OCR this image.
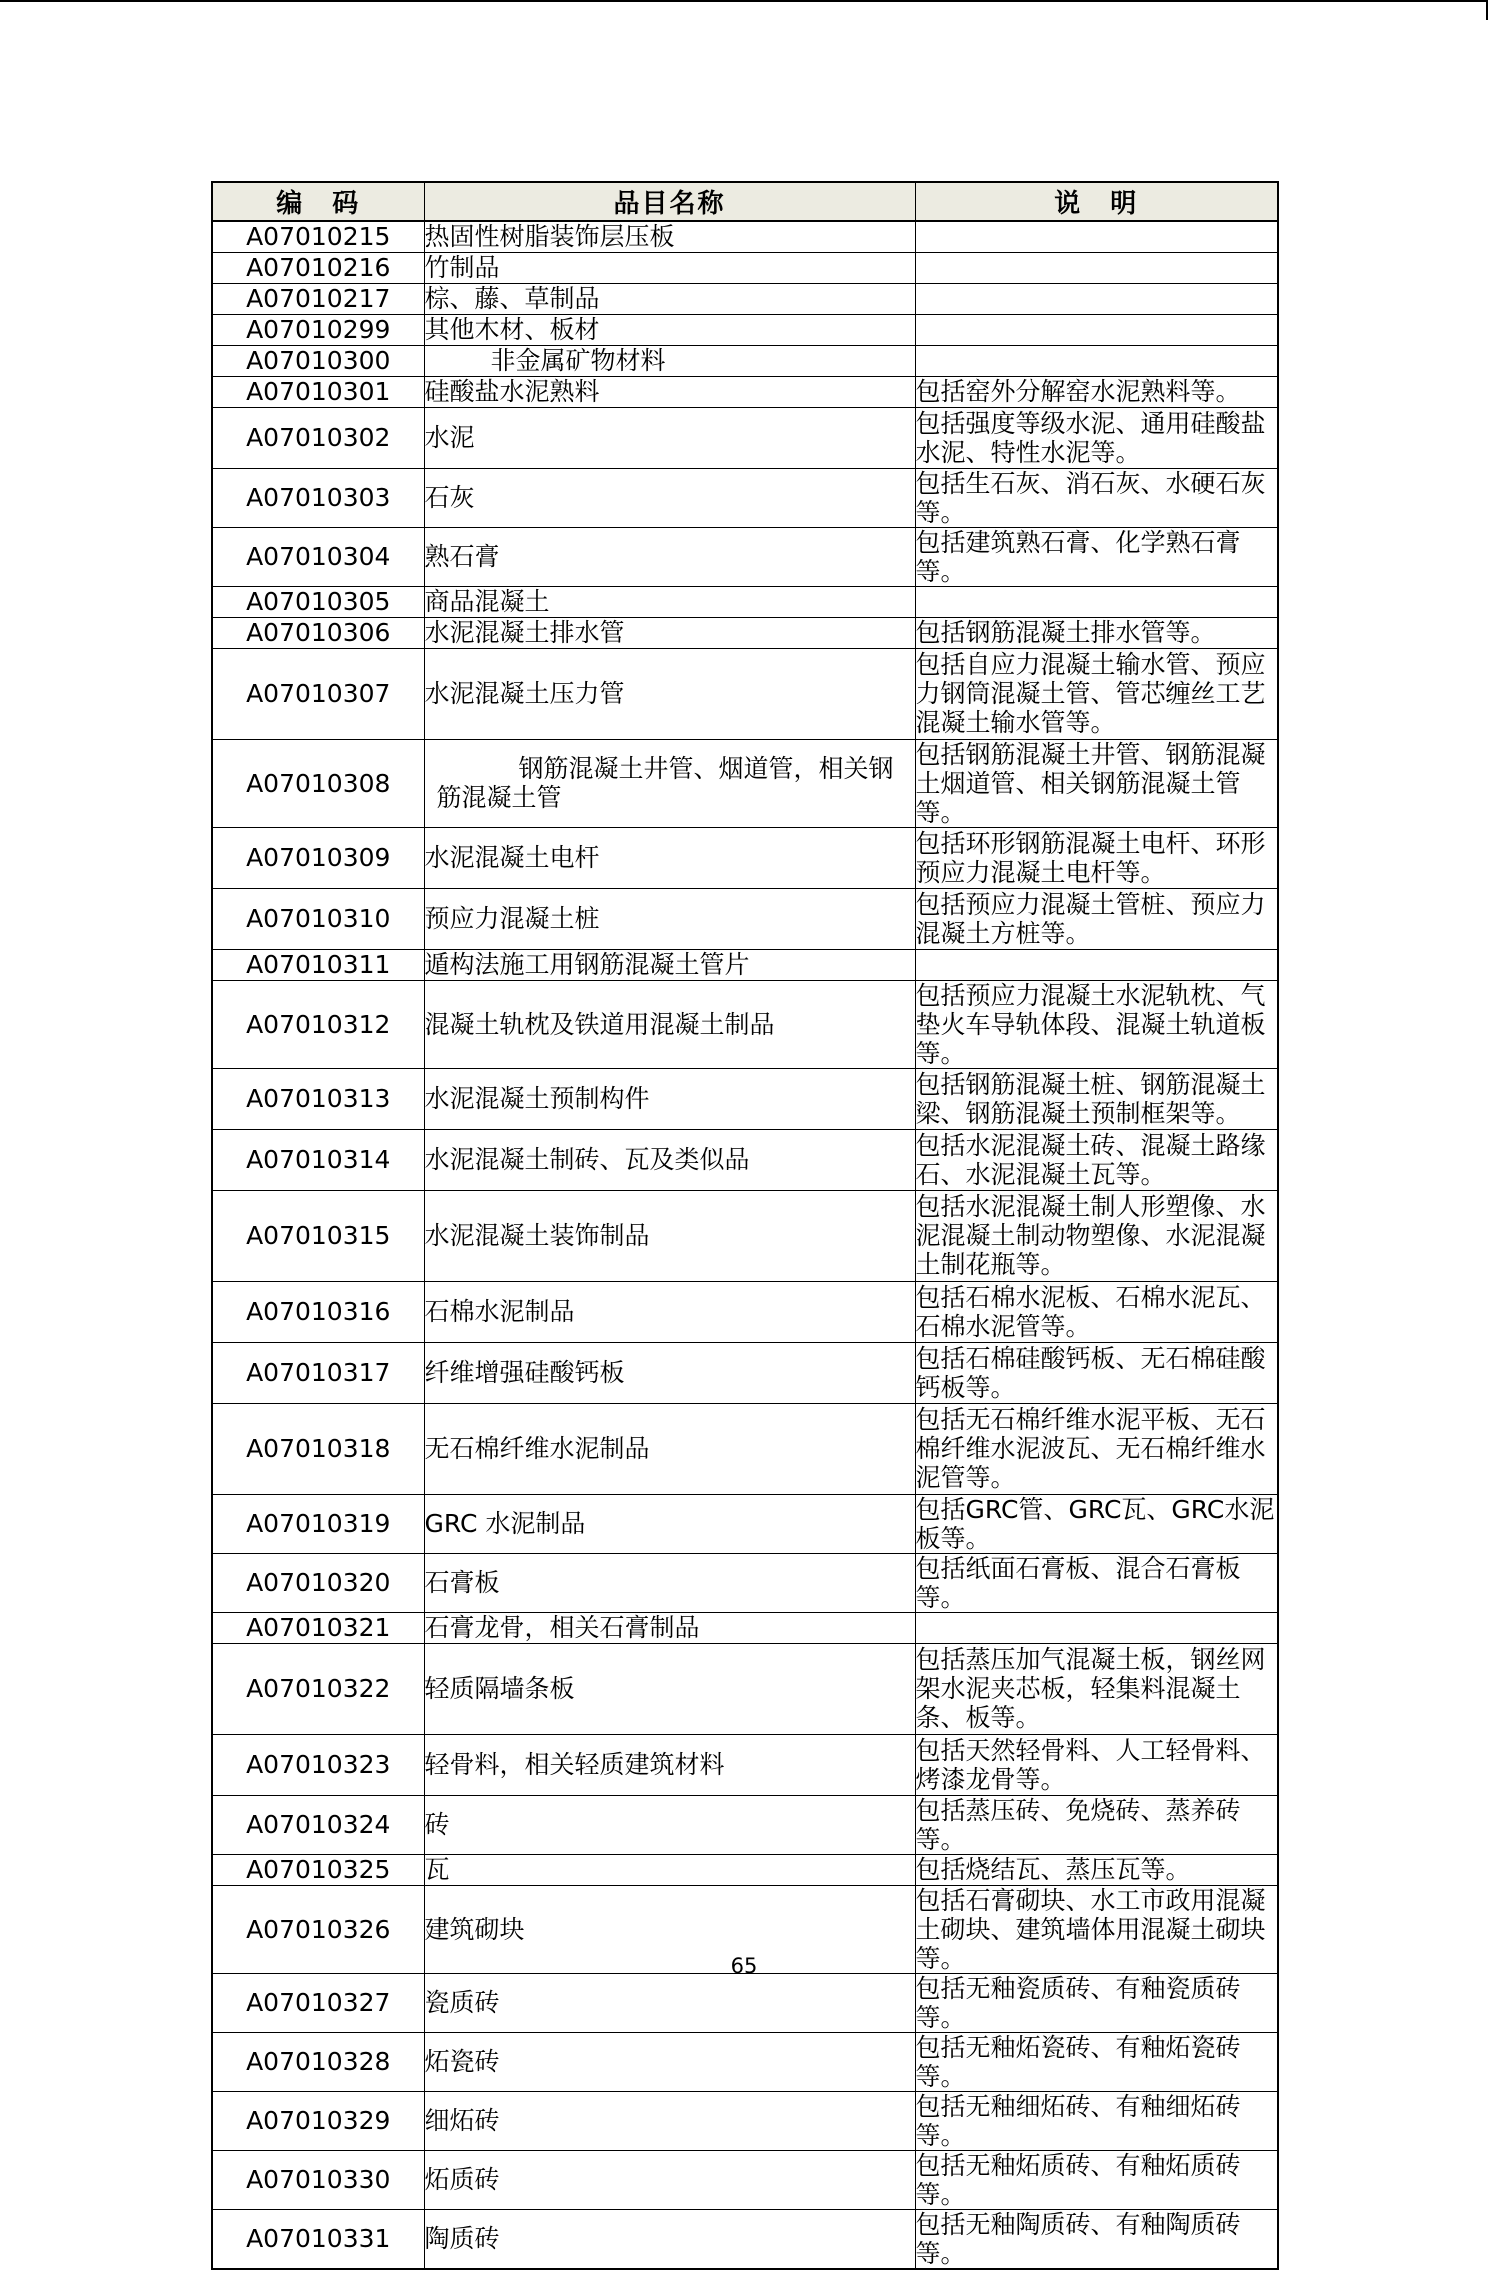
编　码	品目名称	说　明
A07010215	热固性树脂装饰层压板	
A07010216	竹制品	
A07010217	棕、藤、草制品	
A07010299	其他木材、板材	
A07010300	非金属矿物材料	
A07010301	硅酸盐水泥熟料	包括窑外分解窑水泥熟料等。
A07010302	水泥	包括强度等级水泥、通用硅酸盐水泥、特性水泥等。
A07010303	石灰	包括生石灰、消石灰、水硬石灰等。
A07010304	熟石膏	包括建筑熟石膏、化学熟石膏等。
A07010305	商品混凝土	
A07010306	水泥混凝土排水管	包括钢筋混凝土排水管等。
A07010307	水泥混凝土压力管	包括自应力混凝土输水管、预应力钢筒混凝土管、管芯缠丝工艺混凝土输水管等。
A07010308	钢筋混凝土井管、烟道管，相关钢筋混凝土管	包括钢筋混凝土井管、钢筋混凝土烟道管、相关钢筋混凝土管等。
A07010309	水泥混凝土电杆	包括环形钢筋混凝土电杆、环形预应力混凝土电杆等。
A07010310	预应力混凝土桩	包括预应力混凝土管桩、预应力混凝土方桩等。
A07010311	遁构法施工用钢筋混凝土管片	
A07010312	混凝土轨枕及铁道用混凝土制品	包括预应力混凝土水泥轨枕、气垫火车导轨体段、混凝土轨道板等。
A07010313	水泥混凝土预制构件	包括钢筋混凝土桩、钢筋混凝土梁、钢筋混凝土预制框架等。
A07010314	水泥混凝土制砖、瓦及类似品	包括水泥混凝土砖、混凝土路缘石、水泥混凝土瓦等。
A07010315	水泥混凝土装饰制品	包括水泥混凝土制人形塑像、水泥混凝土制动物塑像、水泥混凝土制花瓶等。
A07010316	石棉水泥制品	包括石棉水泥板、石棉水泥瓦、石棉水泥管等。
A07010317	纤维增强硅酸钙板	包括石棉硅酸钙板、无石棉硅酸钙板等。
A07010318	无石棉纤维水泥制品	包括无石棉纤维水泥平板、无石棉纤维水泥波瓦、无石棉纤维水泥管等。
A07010319	GRC 水泥制品	包括GRC管、GRC瓦、GRC水泥板等。
A07010320	石膏板	包括纸面石膏板、混合石膏板等。
A07010321	石膏龙骨，相关石膏制品	
A07010322	轻质隔墙条板	包括蒸压加气混凝土板，钢丝网架水泥夹芯板，轻集料混凝土条、板等。
A07010323	轻骨料，相关轻质建筑材料	包括天然轻骨料、人工轻骨料、烤漆龙骨等。
A07010324	砖	包括蒸压砖、免烧砖、蒸养砖等。
A07010325	瓦	包括烧结瓦、蒸压瓦等。
A07010326	建筑砌块	包括石膏砌块、水工市政用混凝土砌块、建筑墙体用混凝土砌块等。
A07010327	瓷质砖	包括无釉瓷质砖、有釉瓷质砖等。
A07010328	炻瓷砖	包括无釉炻瓷砖、有釉炻瓷砖等。
A07010329	细炻砖	包括无釉细炻砖、有釉细炻砖等。
A07010330	炻质砖	包括无釉炻质砖、有釉炻质砖等。
A07010331	陶质砖	包括无釉陶质砖、有釉陶质砖等。
65
